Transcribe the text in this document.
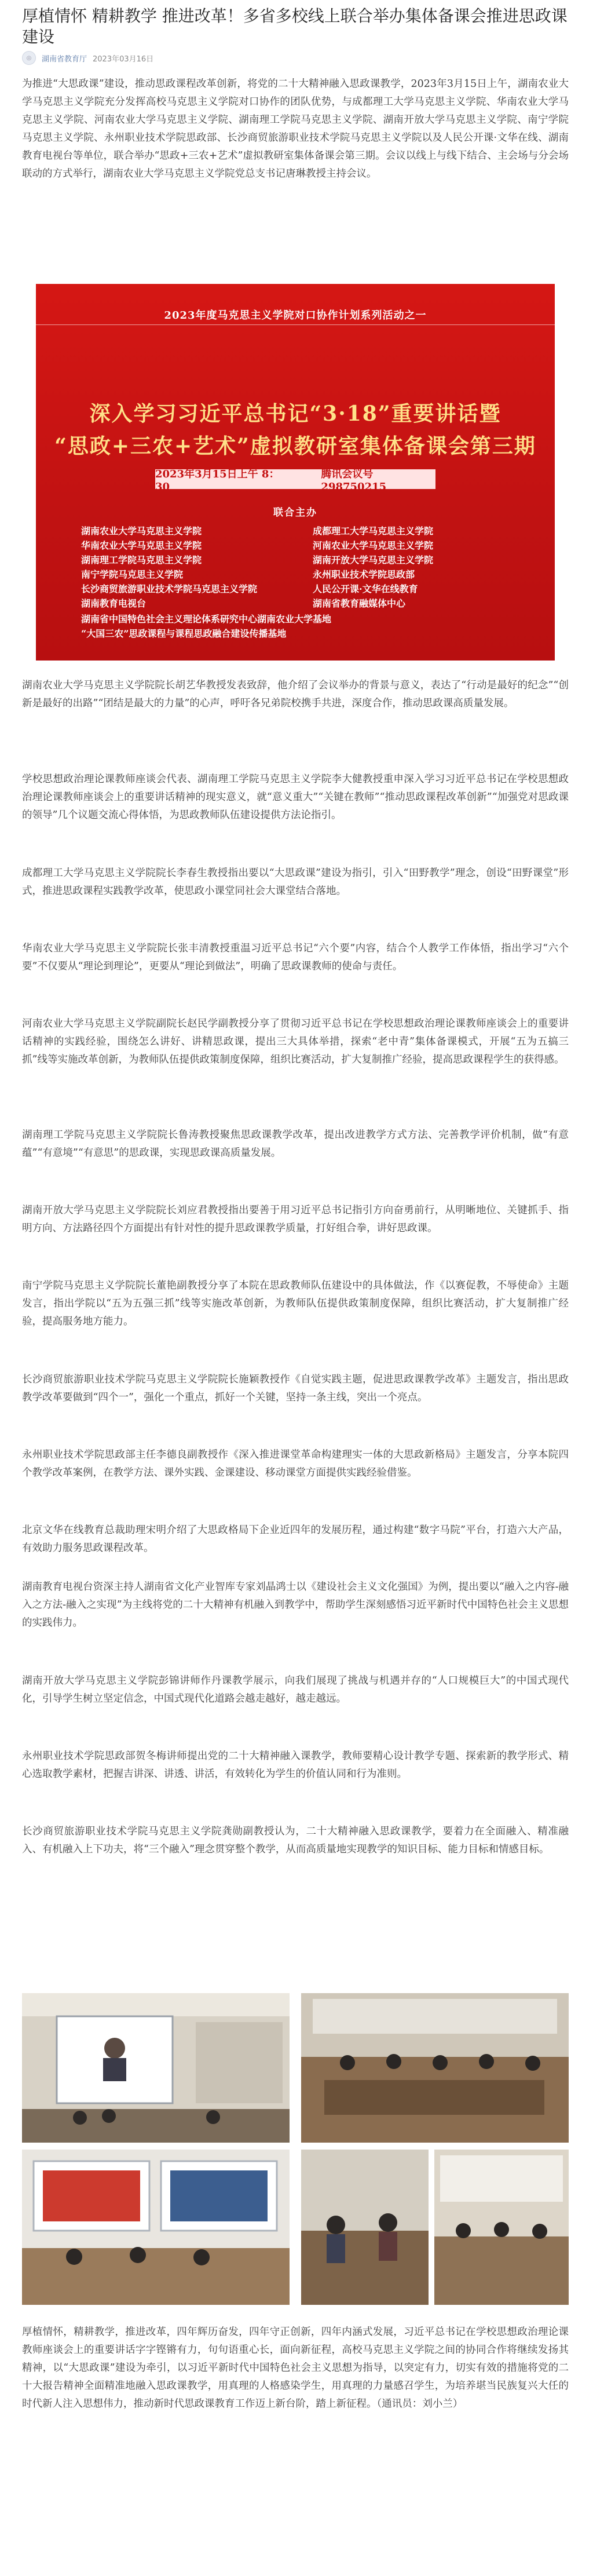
厚植情怀 精耕教学 推进改革！多省多校线上联合举办集体备课会推进思政课建设
◎	湖南省教育厅 2023年03月16日

为推进“大思政课”建设，推动思政课程改革创新，将党的二十大精神融入思政课教学，2023年3月15日上午，湖南农业大学马克思主义学院充分发挥高校马克思主义学院对口协作的团队优势，与成都理工大学马克思主义学院、华南农业大学马克思主义学院、河南农业大学马克思主义学院、湖南理工学院马克思主义学院、湖南开放大学马克思主义学院、南宁学院马克思主义学院、永州职业技术学院思政部、长沙商贸旅游职业技术学院马克思主义学院以及人民公开课·文华在线、湖南教育电视台等单位，联合举办“思政+三农+艺术”虚拟教研室集体备课会第三期。会议以线上与线下结合、主会场与分会场联动的方式举行，湖南农业大学马克思主义学院党总支书记唐琳教授主持会议。

2023年度马克思主义学院对口协作计划系列活动之一
深入学习习近平总书记“3·18”重要讲话暨
“思政+三农+艺术”虚拟教研室集体备课会第三期
2023年3月15日上午 8：30
腾讯会议号 298750215
联合主办
湖南农业大学马克思主义学院	成都理工大学马克思主义学院
华南农业大学马克思主义学院	河南农业大学马克思主义学院
湖南理工学院马克思主义学院	湖南开放大学马克思主义学院
南宁学院马克思主义学院	永州职业技术学院思政部
长沙商贸旅游职业技术学院马克思主义学院	人民公开课·文华在线教育
湖南教育电视台	湖南省教育融媒体中心
湖南省中国特色社会主义理论体系研究中心湖南农业大学基地
“大国三农”思政课程与课程思政融合建设传播基地

湖南农业大学马克思主义学院院长胡艺华教授发表致辞，他介绍了会议举办的背景与意义，表达了“行动是最好的纪念”“创新是最好的出路”“团结是最大的力量”的心声，呼吁各兄弟院校携手共进，深度合作，推动思政课高质量发展。

学校思想政治理论课教师座谈会代表、湖南理工学院马克思主义学院李大健教授重申深入学习习近平总书记在学校思想政治理论课教师座谈会上的重要讲话精神的现实意义，就“意义重大”“关键在教师”“推动思政课程改革创新”“加强党对思政课的领导”几个议题交流心得体悟，为思政教师队伍建设提供方法论指引。

成都理工大学马克思主义学院院长李春生教授指出要以“大思政课”建设为指引，引入“田野教学”理念，创设“田野课堂”形式，推进思政课程实践教学改革，使思政小课堂同社会大课堂结合落地。

华南农业大学马克思主义学院院长张丰清教授重温习近平总书记“六个要”内容，结合个人教学工作体悟，指出学习“六个要”不仅要从“理论到理论”，更要从“理论到做法”，明确了思政课教师的使命与责任。

河南农业大学马克思主义学院副院长赵民学副教授分享了贯彻习近平总书记在学校思想政治理论课教师座谈会上的重要讲话精神的实践经验，围绕怎么讲好、讲精思政课，提出三大具体举措，探索“老中青”集体备课模式，开展“五为五搞三抓”线等实施改革创新，为教师队伍提供政策制度保障，组织比赛活动，扩大复制推广经验，提高思政课程学生的获得感。

湖南理工学院马克思主义学院院长鲁涛教授聚焦思政课教学改革，提出改进教学方式方法、完善教学评价机制，做“有意蕴”“有意境”“有意思”的思政课，实现思政课高质量发展。

湖南开放大学马克思主义学院院长刘应君教授指出要善于用习近平总书记指引方向奋勇前行，从明晰地位、关键抓手、指明方向、方法路径四个方面提出有针对性的提升思政课教学质量，打好组合拳，讲好思政课。

南宁学院马克思主义学院院长董艳副教授分享了本院在思政教师队伍建设中的具体做法，作《以赛促教，不辱使命》主题发言，指出学院以“五为五强三抓”线等实施改革创新，为教师队伍提供政策制度保障，组织比赛活动，扩大复制推广经验，提高服务地方能力。

长沙商贸旅游职业技术学院马克思主义学院院长施颖教授作《自觉实践主题，促进思政课教学改革》主题发言，指出思政教学改革要做到“四个一”，强化一个重点，抓好一个关键，坚持一条主线，突出一个亮点。

永州职业技术学院思政部主任李德良副教授作《深入推进课堂革命构建理实一体的大思政新格局》主题发言，分享本院四个教学改革案例，在教学方法、课外实践、金课建设、移动课堂方面提供实践经验借鉴。

北京文华在线教育总裁助理宋明介绍了大思政格局下企业近四年的发展历程，通过构建“数字马院”平台，打造六大产品，有效助力服务思政课程改革。

湖南教育电视台资深主持人湖南省文化产业智库专家刘晶鸿士以《建设社会主义文化强国》为例，提出要以“融入之内容-融入之方法-融入之实现”为主线将党的二十大精神有机融入到教学中，帮助学生深刻感悟习近平新时代中国特色社会主义思想的实践伟力。

湖南开放大学马克思主义学院彭锦讲师作丹课教学展示，向我们展现了挑战与机遇并存的“人口规模巨大”的中国式现代化，引导学生树立坚定信念，中国式现代化道路会越走越好，越走越远。

永州职业技术学院思政部贺冬梅讲师提出党的二十大精神融入课教学，教师要精心设计教学专题、探索新的教学形式、精心选取教学素材，把握吉讲深、讲透、讲活，有效转化为学生的价值认同和行为准则。

长沙商贸旅游职业技术学院马克思主义学院龚勋副教授认为，二十大精神融入思政课教学，要着力在全面融入、精准融入、有机融入上下功夫，将“三个融入”理念贯穿整个教学，从而高质量地实现教学的知识目标、能力目标和情感目标。

厚植情怀，精耕教学，推进改革，四年辉历奋发，四年守正创新，四年内涵式发展，习近平总书记在学校思想政治理论课教师座谈会上的重要讲话字字铿锵有力，句句语重心长，面向新征程，高校马克思主义学院之间的协同合作将继续发扬其精神，以“大思政课”建设为牵引，以习近平新时代中国特色社会主义思想为指导，以突定有力，切实有效的措施将党的二十大报告精神全面精准地融入思政课教学，用真理的人格感染学生，用真理的力量感召学生，为培养堪当民族复兴大任的时代新人注入思想伟力，推动新时代思政课教育工作迈上新台阶，踏上新征程。（通讯员：刘小兰）
